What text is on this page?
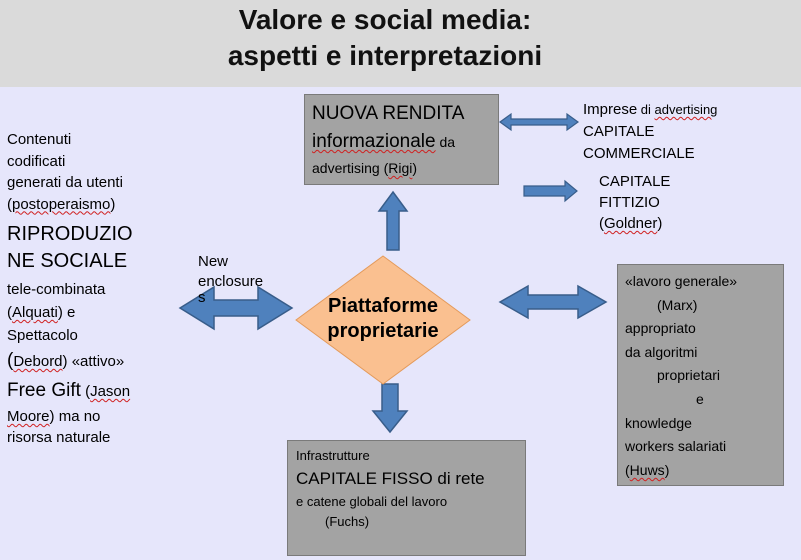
Valore e social media:
aspetti e interpretazioni
Piattaforme
proprietarie
NUOVA RENDITA
informazionale da
advertising (Rigi)
Infrastrutture
CAPITALE FISSO di rete
e catene globali del lavoro
(Fuchs)
«lavoro generale»
(Marx)
appropriato
da algoritmi
proprietari
e
knowledge
workers salariati
(Huws)
Imprese di advertising
CAPITALE
COMMERCIALE
CAPITALE
FITTIZIO
(Goldner)
Contenuti
codificati
generati da utenti
(postoperaismo)
RIPRODUZIO
NE SOCIALE
tele-combinata
(Alquati) e
Spettacolo
(Debord) «attivo»
Free Gift (Jason
Moore) ma no
risorsa naturale
New
enclosure
s
